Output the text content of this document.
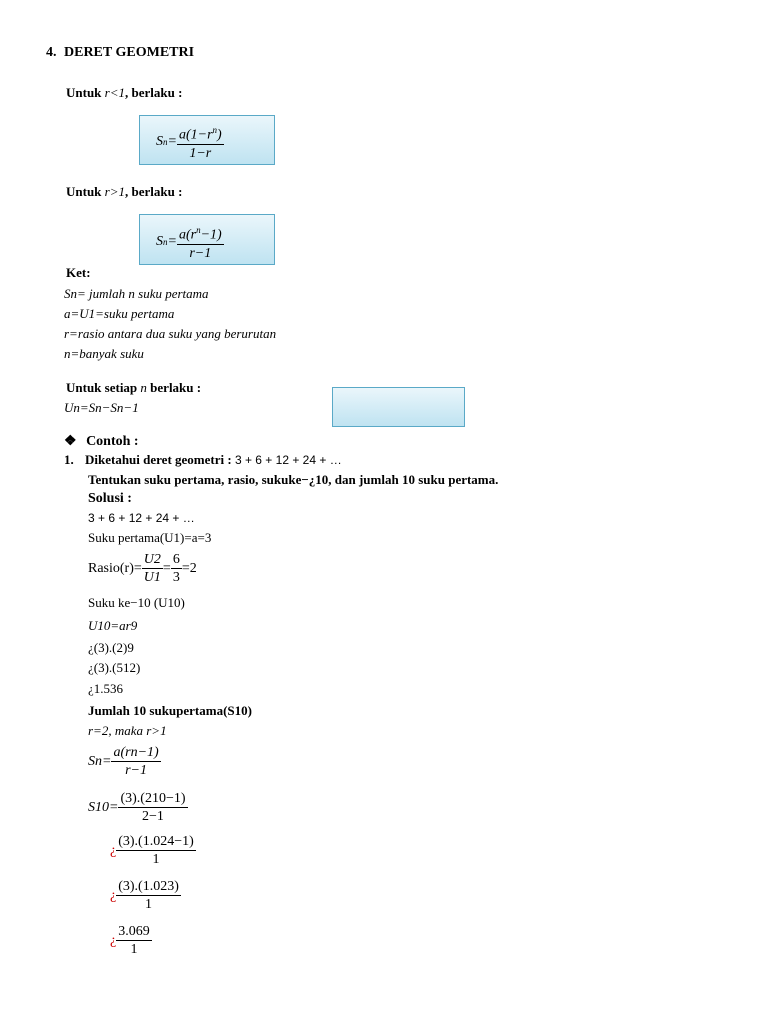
4. DERET GEOMETRI
Untuk r<1, berlaku :
S $n = \frac{a(1-r^n)}{1-r}$
Untuk r>1, berlaku :
S $n = \frac{a(r^n-1)}{r-1}$
Ket:
Sn= jumlah n suku pertama
a=U1=suku pertama
r=rasio antara dua suku yang berurutan
n=banyak suku
Untuk setiap n berlaku :
Un=Sn−Sn−1
❖ Contoh :
1. Diketahui deret geometri : 3 + 6 + 12 + 24 + …
Tentukan suku pertama, rasio, sukuke−¿10, dan jumlah 10 suku pertama.
Solusi :
3 + 6 + 12 + 24 + …
Suku pertama(U1)=a=3
Rasio(r)= $\frac{U2}{U1} = \frac{6}{3} =2$
Suku ke−10 (U10)
U10=ar9
¿(3).(2)9
¿(3).(512)
¿1.536
Jumlah 10 sukupertama(S10)
r=2, maka r>1
$Sn= \frac{a(rn-1)}{r-1}$
$S10= \frac{(3).(210-1)}{2-1}$
¿ $\frac{(3).(1.024-1)}{1}$
¿ $\frac{(3).(1.023)}{1}$
¿ $\frac{3.069}{1}$
